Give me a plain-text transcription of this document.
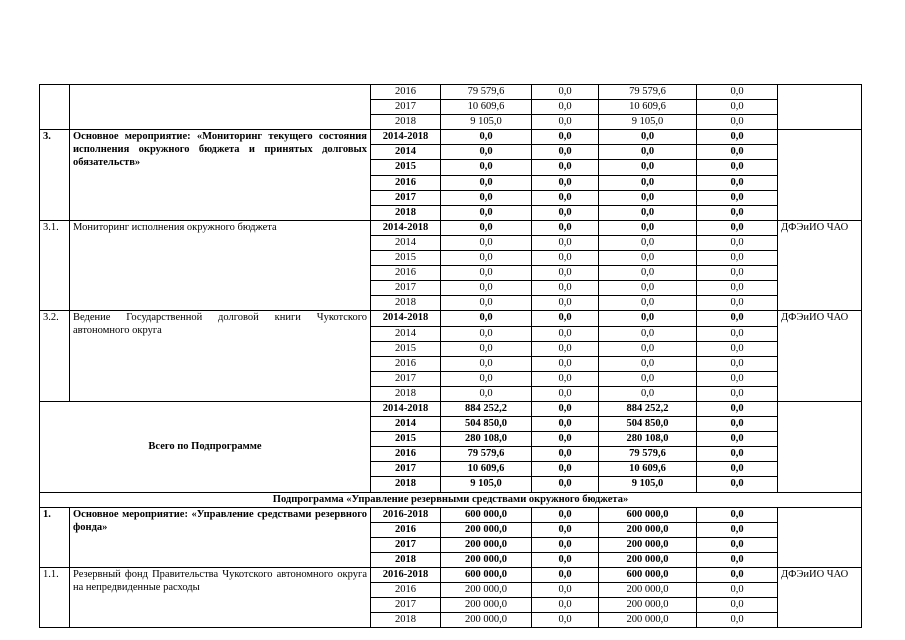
		2016	79 579,6	0,0	79 579,6	0,0	
		2017	10 609,6	0,0	10 609,6	0,0	
		2018	9 105,0	0,0	9 105,0	0,0	
3.	Основное мероприятие: «Мониторинг текущего состояния исполнения окружного бюджета и принятых долговых обязательств»	2014-2018	0,0	0,0	0,0	0,0	
		2014	0,0	0,0	0,0	0,0	
		2015	0,0	0,0	0,0	0,0	
		2016	0,0	0,0	0,0	0,0	
		2017	0,0	0,0	0,0	0,0	
		2018	0,0	0,0	0,0	0,0	
3.1.	Мониторинг исполнения окружного бюджета	2014-2018	0,0	0,0	0,0	0,0	ДФЭиИО ЧАО
		2014	0,0	0,0	0,0	0,0	
		2015	0,0	0,0	0,0	0,0	
		2016	0,0	0,0	0,0	0,0	
		2017	0,0	0,0	0,0	0,0	
		2018	0,0	0,0	0,0	0,0	
3.2.	Ведение Государственной долговой книги Чукотского автономного округа	2014-2018	0,0	0,0	0,0	0,0	ДФЭиИО ЧАО
		2014	0,0	0,0	0,0	0,0	
		2015	0,0	0,0	0,0	0,0	
		2016	0,0	0,0	0,0	0,0	
		2017	0,0	0,0	0,0	0,0	
		2018	0,0	0,0	0,0	0,0	
Всего по Подпрограмме		2014-2018	884 252,2	0,0	884 252,2	0,0	
		2014	504 850,0	0,0	504 850,0	0,0	
		2015	280 108,0	0,0	280 108,0	0,0	
		2016	79 579,6	0,0	79 579,6	0,0	
		2017	10 609,6	0,0	10 609,6	0,0	
		2018	9 105,0	0,0	9 105,0	0,0	
Подпрограмма «Управление резервными средствами окружного бюджета»							
1.	Основное мероприятие: «Управление средствами резервного фонда»	2016-2018	600 000,0	0,0	600 000,0	0,0	
		2016	200 000,0	0,0	200 000,0	0,0	
		2017	200 000,0	0,0	200 000,0	0,0	
		2018	200 000,0	0,0	200 000,0	0,0	
1.1.	Резервный фонд Правительства Чукотского автономного округа на непредвиденные расходы	2016-2018	600 000,0	0,0	600 000,0	0,0	ДФЭиИО ЧАО
		2016	200 000,0	0,0	200 000,0	0,0	
		2017	200 000,0	0,0	200 000,0	0,0	
		2018	200 000,0	0,0	200 000,0	0,0	
